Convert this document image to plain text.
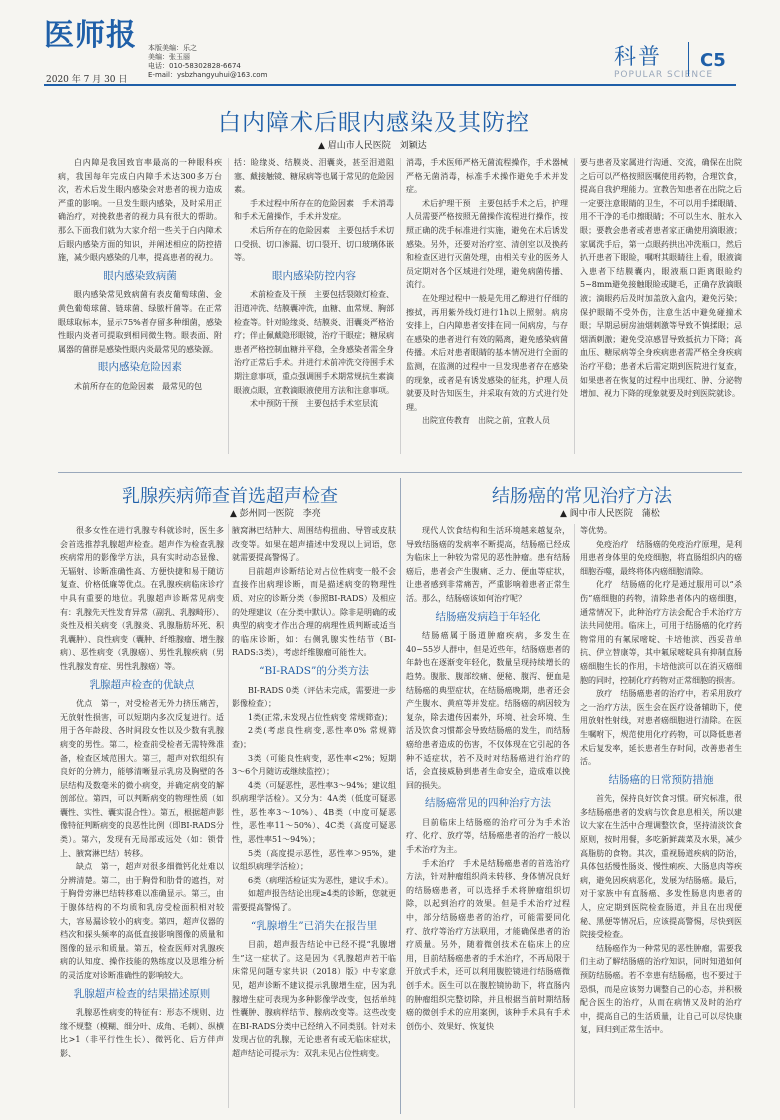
医师报
2020 年 7 月 30 日
本版美编：乐之
美编：张玉丽
电话：010-58302828-6674
E-mail：ysbzhangyuhui@163.com
科普
POPULAR SCIENCE
C5
白内障术后眼内感染及其防控
▲ 眉山市人民医院　刘颖达

白内障是我国致盲率最高的一种眼科疾病，我国每年完成白内障手术达300多万台次，若术后发生眼内感染会对患者的视力造成严重的影响。一旦发生眼内感染，及时采用正确治疗，对挽救患者的视力具有很大的帮助。那么下面我们就为大家介绍一些关于白内障术后眼内感染方面的知识，并阐述相应的防控措施，减少眼内感染的几率，提高患者的视力。

眼内感染致病菌

眼内感染常见致病菌有表皮葡萄球菌、金黄色葡萄球菌、链球菌、绿脓杆菌等。在正常眼球取标本，显示75%者存留多种细菌，感染性眼内炎者可提取到相同微生物。眼表面、附属器的菌群是感染性眼内炎最常见的感染源。

眼内感染危险因素

术前所存在的危险因素　最常见的包

括：睑缘炎、结膜炎、泪囊炎，甚至泪道阻塞、戴接触镜、糖尿病等也属于常见的危险因素。

手术过程中所存在的危险因素　手术消毒和手术无菌操作，手术并发症。

术后所存在的危险因素　主要包括手术切口受损、切口渗漏、切口裂开、切口玻璃体嵌等。

眼内感染防控内容

术前检查及干预　主要包括裂隙灯检查、泪道冲洗、结膜囊冲洗，血糖、血常规、胸部检查等。针对睑缘炎、结膜炎、泪囊炎严格治疗；伴止佩戴隐形眼镜，治疗干眼症；糖尿病患者严格控制血糖并平稳，全身感染者需全身治疗正常后手术。并进行术前冲洗交待围手术期注意事项，重点强调围手术期常规抗生素滴眼液点眼，宣教滴眼液使用方法和注意事项。

术中预防干预　主要包括手术室层流

消毒，手术医师严格无菌流程操作，手术器械严格无菌消毒，标准手术操作避免手术并发症。

术后护理干预　主要包括手术之后，护理人员需要严格按照无菌操作流程进行操作，按照正确的洗手标准进行实施，避免在术后诱发感染。另外，还要对治疗室、清创室以及换药和检查区进行灭菌处理，由相关专业的医务人员定期对各个区域进行处理，避免病菌传播、流行。

在处理过程中一般是先用乙醇进行仔细的擦拭，再用紫外线灯进行1h以上照射。病房安排上，白内障患者安排在同一间病房，与存在感染的患者进行有效的隔离，避免感染病菌传播。术后对患者眼睛的基本情况进行全面的监测，在监测的过程中一旦发现患者存在感染的现象，或者是有诱发感染的征兆，护理人员就要及时告知医生，并采取有效的方式进行处理。

出院宣传教育　出院之前，宜教人员

要与患者及家属进行沟通、交流，确保在出院之后可以严格按照医嘱使用药物，合理饮食，提高自我护理能力。宣教告知患者在出院之后一定要注意眼睛的卫生，不可以用手揉眼睛、用不干净的毛巾擦眼睛；不可以生水、脏水入眼；要教会患者或者患者家正确使用滴眼液；家属洗手后，第一点眼药拱出冲洗瓶口，然后扒开患者下眼睑，嘱咐其眼睛往上看，眼液滴入患者下结膜囊内，眼液瓶口距离眼睑约5~8mm避免接触眼睑或睫毛，正确存放滴眼液；滴眼药后及时加盖放入盒内，避免污染；保护眼睛不受外伤，注意生活中避免碰撞术眼；早期忌厨房油烟刺激等导致不慎揉眼；忌烟酒刺激；避免受凉感冒导致抵抗力下降；高血压、糖尿病等全身疾病患者需严格全身疾病治疗平稳；患者术后需定期到医院进行复查，如果患者在恢复的过程中出现红、肿、分泌物增加、视力下降的现象就要及时到医院就诊。

乳腺疾病筛查首选超声检查
▲ 彭州同一医院　李亮

很多女性在进行乳腺专科就诊时，医生多会首选推荐乳腺超声检查。超声作为检查乳腺疾病常用的影像学方法，具有实时动态显像、无辐射、诊断准确性高、方便快捷和易于随访复查、价格低廉等优点。在乳腺疾病临床诊疗中具有重要的地位。乳腺超声诊断常见病变有：乳腺先天性发育异常（副乳、乳腺畸形）、炎性及相关病变（乳腺炎、乳腺脂肪坏死、积乳囊肿）、良性病变（囊肿、纤维腺瘤、增生腺病）、恶性病变（乳腺癌）、男性乳腺疾病（男性乳腺发育症、男性乳腺癌）等。

乳腺超声检查的优缺点

优点　第一，对受检者无外力挤压痛苦，无放射性损害，可以短期内多次反复进行。适用于各年龄段、各时间段女性以及少数有乳腺病变的男性。第二，检查前受检者无需特殊准备，检查区域范围大。第三，超声对软组织有良好的分辨力，能够清晰显示乳房及胸壁的各层结构及数毫米的微小病变，并确定病变的解剖部位。第四，可以判断病变的物理性质（如囊性、实性、囊实混合性）。第五，根据超声影像特征判断病变的良恶性比例（即BI-RADS分类）。第六，发现有无局部或远处（如：锁骨上、腋窝淋巴结）转移。

缺点　第一，超声对很多细微钙化灶难以分辨清楚。第二，由于胸骨和肋骨的遮挡，对于胸骨旁淋巴结转移难以准确显示。第三，由于腺体结构的不均质和乳房受检面积相对较大，容易漏诊较小的病变。第四，超声仪器的档次和探头频率的高低直接影响图像的质量和图像的显示和质量。第五，检查医师对乳腺疾病的认知度、操作技能的熟练度以及思维分析的灵活度对诊断准确性的影响较大。

乳腺超声检查的结果描述原则

乳腺恶性病变的特征有：形态不规则、边缘不规整（模糊、细分叶、成角、毛刺）、纵横比>1（非平行性生长）、微钙化、后方伴声影、

腋窝淋巴结肿大、周围结构扭曲、导管或皮肤改变等。如果在超声描述中发现以上词语，您就需要提高警惕了。

目前超声诊断结论对占位性病变一般不会直接作出病理诊断，而是描述病变的物理性质、对应的诊断分类（参照BI-RADS）及相应的处理建议（在分类中默认）。除非是明确的或典型的病变才作出合理的病理性质判断或适当的临床诊断，如：右侧乳腺实性结节（BI-RADS:3类），考虑纤维腺瘤可能性大。

“BI-RADS”的分类方法

BI-RADS 0类（评估未完成，需要进一步影像检查）；

1类(正常,未发现占位性病变 常规筛查)；

2类(考虑良性病变,恶性率0% 常规筛查)；

3类（可能良性病变，恶性率<2%；短期3～6个月随访或继续监控）；

4类（可疑恶性，恶性率3～94%；建议组织病理学活检）。又分为：4A类（低度可疑恶性，恶性率3～10%）、4B类（中度可疑恶性，恶性率11～50%）、4C类（高度可疑恶性，恶性率51～94%）；

5类（高度提示恶性，恶性率＞95%，建议组织病理学活检）；

6类（病理活检证实为恶性，建议手术）。

如超声报告结论出现≥4类的诊断，您就更需要提高警惕了。

“乳腺增生”已消失在报告里

目前，超声报告结论中已经不提“乳腺增生”这一症状了。这是因为《乳腺超声若干临床常见问题专家共识（2018）版》中专家意见，超声诊断不建议提示乳腺增生症，因为乳腺增生症可表现为多种影像学改变，包括单纯性囊肿、腺病样结节、腺病改变等。这些改变在BI-RADS分类中已经纳入不同类别。针对未发现占位的乳腺，无论患者有或无临床症状，超声结论可提示为：双乳未见占位性病变。

结肠癌的常见治疗方法
▲ 阆中市人民医院　蒲松

现代人饮食结构和生活环境越来越复杂，导致结肠癌的发病率不断提高，结肠癌已经成为临床上一种较为常见的恶性肿瘤。患有结肠癌后，患者会产生腹痛、乏力、便血等症状，让患者感到非常痛苦，严重影响着患者正常生活。那么，结肠癌该如何治疗呢？

结肠癌发病趋于年轻化

结肠癌属于肠道肿瘤疾病，多发生在40~55岁人群中，但是近些年，结肠癌患者的年龄也在逐渐变年轻化，数量呈现持续增长的趋势。腹胀、腹部绞痛、便秘、腹泻、便血是结肠癌的典型症状，在结肠癌晚期，患者还会产生腹水、黄疸等并发症。结肠癌的病因较为复杂，除去遗传因素外，环境、社会环境、生活及饮食习惯都会导致结肠癌的发生，而结肠癌给患者造成的伤害，不仅体现在它引起的各种不适症状，若不及时对结肠癌进行治疗的话，会直接威胁到患者生命安全，造成难以挽回的损失。

结肠癌常见的四种治疗方法

目前临床上结肠癌的治疗可分为手术治疗、化疗、放疗等，结肠癌患者的治疗一般以手术治疗为主。

手术治疗　手术是结肠癌患者的首选治疗方法，针对肿瘤组织尚未转移、身体情况良好的结肠癌患者，可以选择手术将肿瘤组织切除，以起到治疗的效果。但是手术治疗过程中，部分结肠癌患者的治疗，可能需要同化疗、放疗等治疗方法联用，才能确保患者的治疗质量。另外，随着微创技术在临床上的应用，目前结肠癌患者的手术治疗，不再局限于开放式手术，还可以利用腹腔镜进行结肠癌微创手术。医生可以在腹腔镜协助下，将直肠内的肿瘤组织完整切除，并且根据当前时期结肠癌的微创手术的应用案例，该种手术具有手术创伤小、效果好、恢复快

等优势。

免疫治疗　结肠癌的免疫治疗原理，是利用患者身体里的免疫细胞，将直肠组织内的癌细胞吞噬，最终将体内癌细胞清除。

化疗　结肠癌的化疗是通过服用可以“杀伤”癌细胞的药物，清除患者体内的癌细胞，通常情况下，此种治疗方法会配合手术治疗方法共同使用。临床上，可用于结肠癌的化疗药物常用的有氟尿嘧啶、卡培他滨、西妥昔单抗、伊立替康等，其中氟尿嘧啶具有抑制直肠癌细胞生长的作用，卡培他滨可以在消灭癌细胞的同时，控制化疗药物对正常细胞的损害。

放疗　结肠癌患者的治疗中，若采用放疗之一治疗方法，医生会在医疗设备辅助下，使用放射性射线，对患者癌细胞进行清除。在医生嘱咐下，规范使用化疗药物，可以降低患者术后复发率，延长患者生存时间，改善患者生活。

结肠癌的日常预防措施

首先，保持良好饮食习惯。研究标准，很多结肠癌患者的发病与饮食息息相关，所以建议大家在生活中合理调整饮食，坚持清淡饮食原则，按时用餐，多吃新鲜蔬菜及水果，减少高脂肪的食物。其次，重视肠道疾病的防治，具体包括慢性肠炎、慢性痢疾、大肠息肉等疾病，避免因疾病恶化，发展为结肠癌。最后，对于家族中有直肠癌、多发性肠息肉患者的人，应定期到医院检查肠道，并且在出现便秘、黑便等情况后，应该提高警惕，尽快到医院接受检查。

结肠癌作为一种常见的恶性肿瘤，需要我们主动了解结肠癌的治疗知识，同时知道如何预防结肠癌。若不幸患有结肠癌，也不要过于恐惧，而是应该努力调整自己的心态，并积极配合医生的治疗，从而在病情又及时的治疗中，提高自己的生活质量，让自己可以尽快康复，回归到正常生活中。
